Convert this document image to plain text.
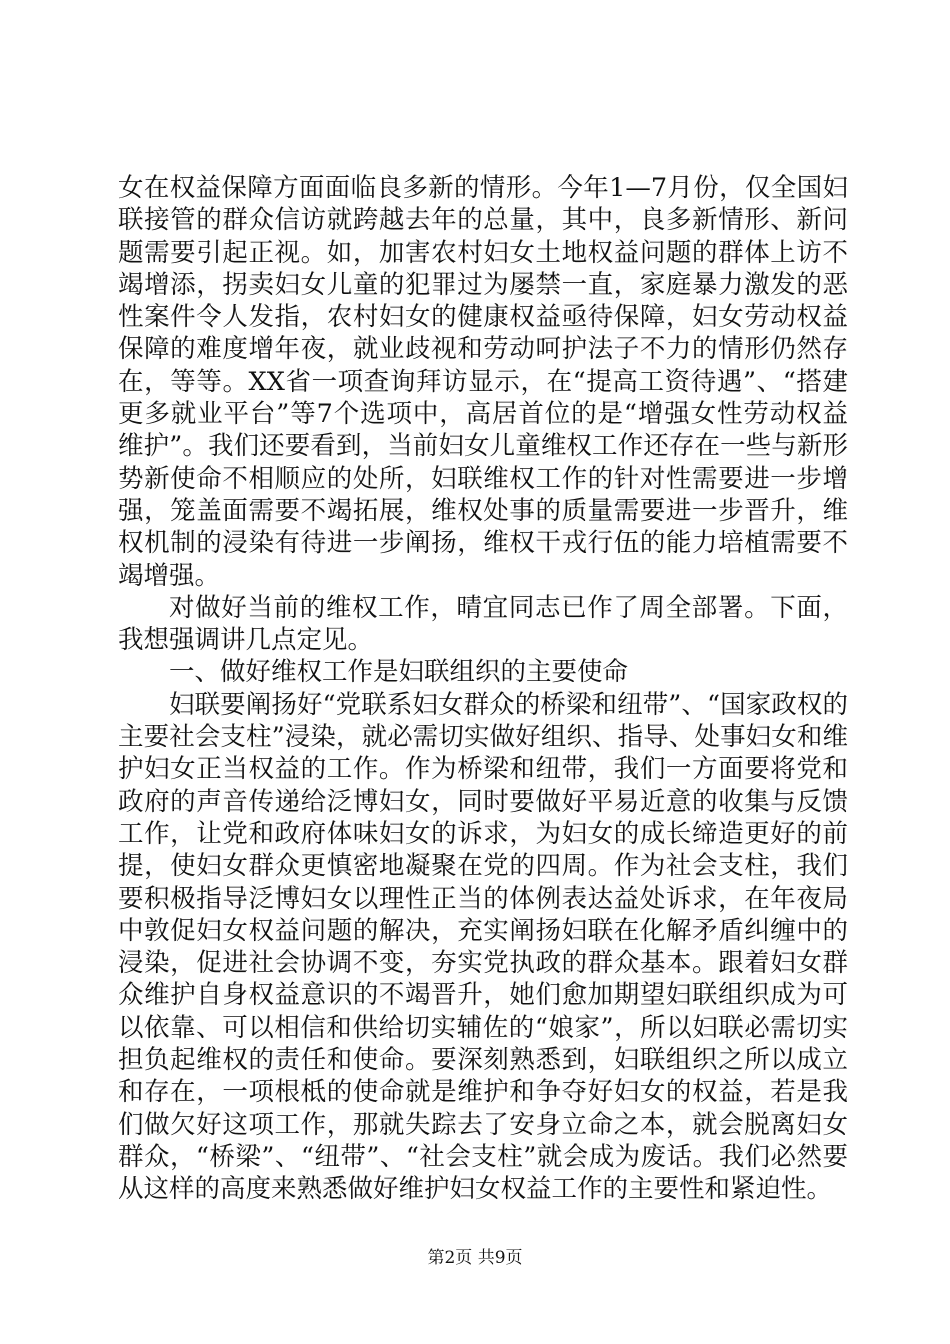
女在权益保障方面面临良多新的情形。今年1—7月份，仅全国妇联接管的群众信访就跨越去年的总量，其中，良多新情形、新问题需要引起正视。如，加害农村妇女土地权益问题的群体上访不竭增添，拐卖妇女儿童的犯罪过为屡禁一直，家庭暴力激发的恶性案件令人发指，农村妇女的健康权益亟待保障，妇女劳动权益保障的难度增年夜，就业歧视和劳动呵护法子不力的情形仍然存在，等等。XX省一项查询拜访显示，在“提高工资待遇”、“搭建更多就业平台”等7个选项中，高居首位的是“增强女性劳动权益维护”。我们还要看到，当前妇女儿童维权工作还存在一些与新形势新使命不相顺应的处所，妇联维权工作的针对性需要进一步增强，笼盖面需要不竭拓展，维权处事的质量需要进一步晋升，维权机制的浸染有待进一步阐扬，维权干戎行伍的能力培植需要不竭增强。

对做好当前的维权工作，晴宜同志已作了周全部署。下面，我想强调讲几点定见。

一、做好维权工作是妇联组织的主要使命

妇联要阐扬好“党联系妇女群众的桥梁和纽带”、“国家政权的主要社会支柱”浸染，就必需切实做好组织、指导、处事妇女和维护妇女正当权益的工作。作为桥梁和纽带，我们一方面要将党和政府的声音传递给泛博妇女，同时要做好平易近意的收集与反馈工作，让党和政府体味妇女的诉求，为妇女的成长缔造更好的前提，使妇女群众更慎密地凝聚在党的四周。作为社会支柱，我们要积极指导泛博妇女以理性正当的体例表达益处诉求，在年夜局中敦促妇女权益问题的解决，充实阐扬妇联在化解矛盾纠缠中的浸染，促进社会协调不变，夯实党执政的群众基本。跟着妇女群众维护自身权益意识的不竭晋升，她们愈加期望妇联组织成为可以依靠、可以相信和供给切实辅佐的“娘家”，所以妇联必需切实担负起维权的责任和使命。要深刻熟悉到，妇联组织之所以成立和存在，一项根柢的使命就是维护和争夺好妇女的权益，若是我们做欠好这项工作，那就失踪去了安身立命之本，就会脱离妇女群众，“桥梁”、“纽带”、“社会支柱”就会成为废话。我们必然要从这样的高度来熟悉做好维护妇女权益工作的主要性和紧迫性。

第2页 共9页
